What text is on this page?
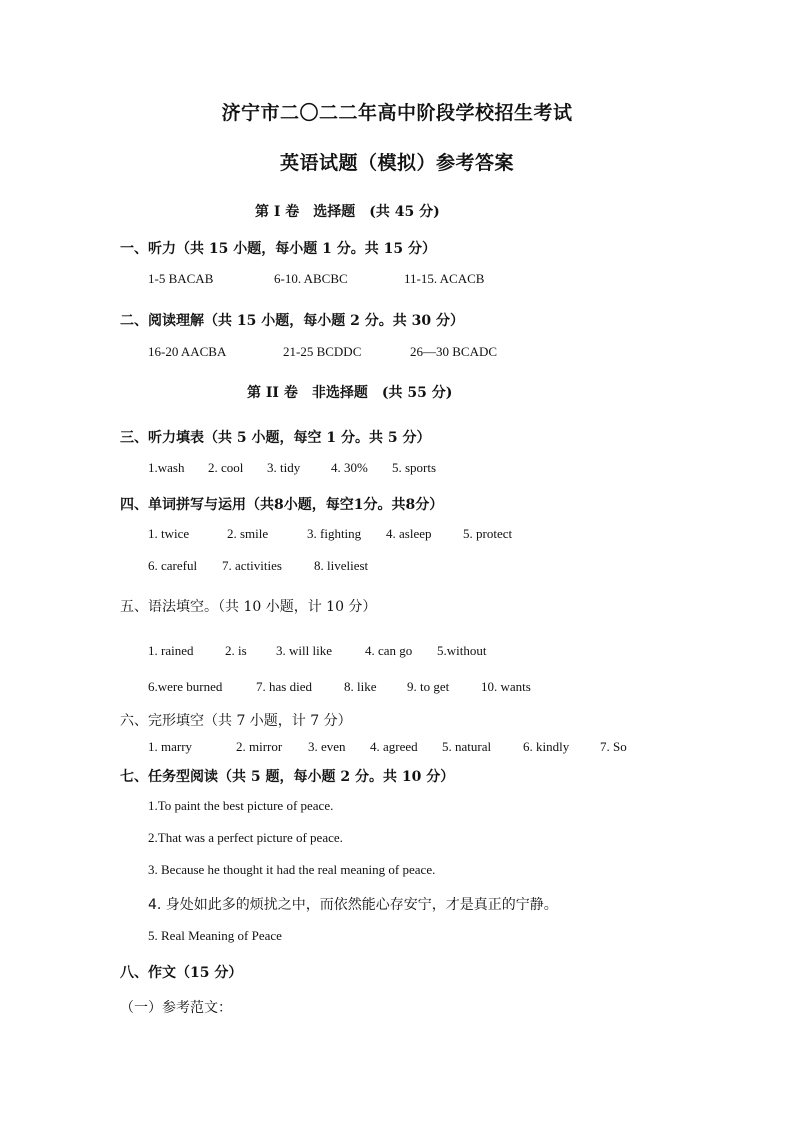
济宁市二〇二二年高中阶段学校招生考试
英语试题（模拟）参考答案
第 I 卷　选择题　(共 45 分)
一、听力（共 15 小题，每小题 1 分。共 15 分）
1-5 BACAB	6-10. ABCBC	11-15. ACACB
二、阅读理解（共 15 小题，每小题 2 分。共 30 分）
16-20 AACBA	21-25 BCDDC	26—30 BCADC
第 II 卷　非选择题　(共 55 分)
三、听力填表（共 5 小题，每空 1 分。共 5 分）
1.wash 2. cool 3. tidy 4. 30% 5. sports
四、单词拼写与运用（共8小题，每空1分。共8分）
1. twice	2. smile	3. fighting 4. asleep 5. protect
6. careful 7. activities 8. liveliest
五、语法填空。（共 10 小题，计 10 分）
1. rained 2. is 3. will like	4. can go 5.without
6.were burned	7. has died 8. like 9. to get 10. wants
六、完形填空（共 7 小题，计 7 分）
1. marry	2. mirror 3. even 4. agreed 5. natural 6. kindly 7. So
七、任务型阅读（共 5 题，每小题 2 分。共 10 分）
1.To paint the best picture of peace.
2.That was a perfect picture of peace.
3. Because he thought it had the real meaning of peace.
4. 身处如此多的烦扰之中，而依然能心存安宁，才是真正的宁静。
5. Real Meaning of Peace
八、作文（15 分）
（一）参考范文：
